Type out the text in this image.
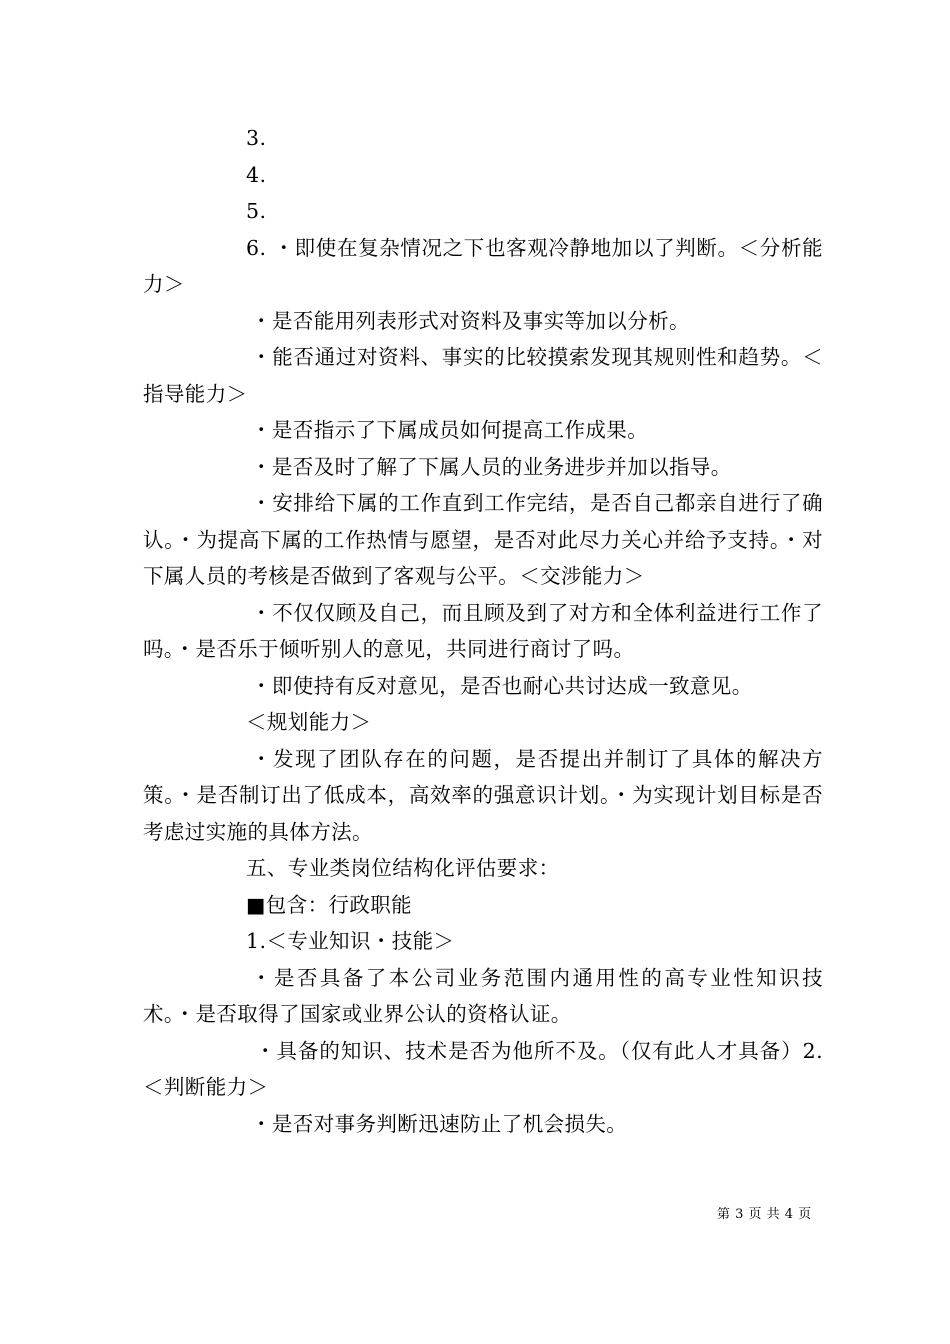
3.

4.

5.

6. ・即使在复杂情况之下也客观冷静地加以了判断。＜分析能力＞

・是否能用列表形式对资料及事实等加以分析。

・能否通过对资料、事实的比较摸索发现其规则性和趋势。＜指导能力＞

・是否指示了下属成员如何提高工作成果。

・是否及时了解了下属人员的业务进步并加以指导。

・安排给下属的工作直到工作完结，是否自己都亲自进行了确认。・为提高下属的工作热情与愿望，是否对此尽力关心并给予支持。・对下属人员的考核是否做到了客观与公平。＜交涉能力＞

・不仅仅顾及自己，而且顾及到了对方和全体利益进行工作了吗。・是否乐于倾听别人的意见，共同进行商讨了吗。

・即使持有反对意见，是否也耐心共讨达成一致意见。

＜规划能力＞

・发现了团队存在的问题，是否提出并制订了具体的解决方策。・是否制订出了低成本，高效率的强意识计划。・为实现计划目标是否考虑过实施的具体方法。

五、专业类岗位结构化评估要求：

■包含：行政职能

1.＜专业知识・技能＞

・是否具备了本公司业务范围内通用性的高专业性知识技术。・是否取得了国家或业界公认的资格认证。

・具备的知识、技术是否为他所不及。（仅有此人才具备）2.＜判断能力＞

・是否对事务判断迅速防止了机会损失。

第 3 页 共 4 页
